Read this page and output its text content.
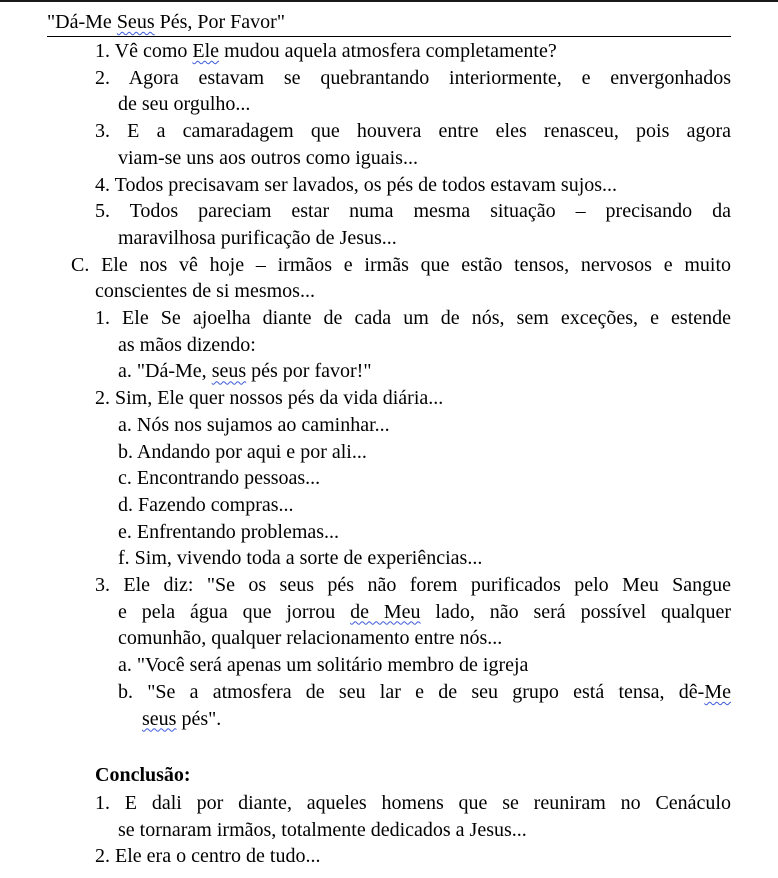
"Dá-Me Seus Pés, Por Favor"
1. Vê como Ele mudou aquela atmosfera completamente?
2. Agora estavam se quebrantando interiormente, e envergonhados
de seu orgulho...
3. E a camaradagem que houvera entre eles renasceu, pois agora
viam-se uns aos outros como iguais...
4. Todos precisavam ser lavados, os pés de todos estavam sujos...
5. Todos pareciam estar numa mesma situação – precisando da
maravilhosa purificação de Jesus...
C. Ele nos vê hoje – irmãos e irmãs que estão tensos, nervosos e muito
conscientes de si mesmos...
1. Ele Se ajoelha diante de cada um de nós, sem exceções, e estende
as mãos dizendo:
a. "Dá-Me, seus pés por favor!"
2. Sim, Ele quer nossos pés da vida diária...
a. Nós nos sujamos ao caminhar...
b. Andando por aqui e por ali...
c. Encontrando pessoas...
d. Fazendo compras...
e. Enfrentando problemas...
f. Sim, vivendo toda a sorte de experiências...
3. Ele diz: "Se os seus pés não forem purificados pelo Meu Sangue
e pela água que jorrou de Meu lado, não será possível qualquer
comunhão, qualquer relacionamento entre nós...
a. "Você será apenas um solitário membro de igreja
b. "Se a atmosfera de seu lar e de seu grupo está tensa, dê-Me
seus pés".
Conclusão:
1. E dali por diante, aqueles homens que se reuniram no Cenáculo
se tornaram irmãos, totalmente dedicados a Jesus...
2. Ele era o centro de tudo...
